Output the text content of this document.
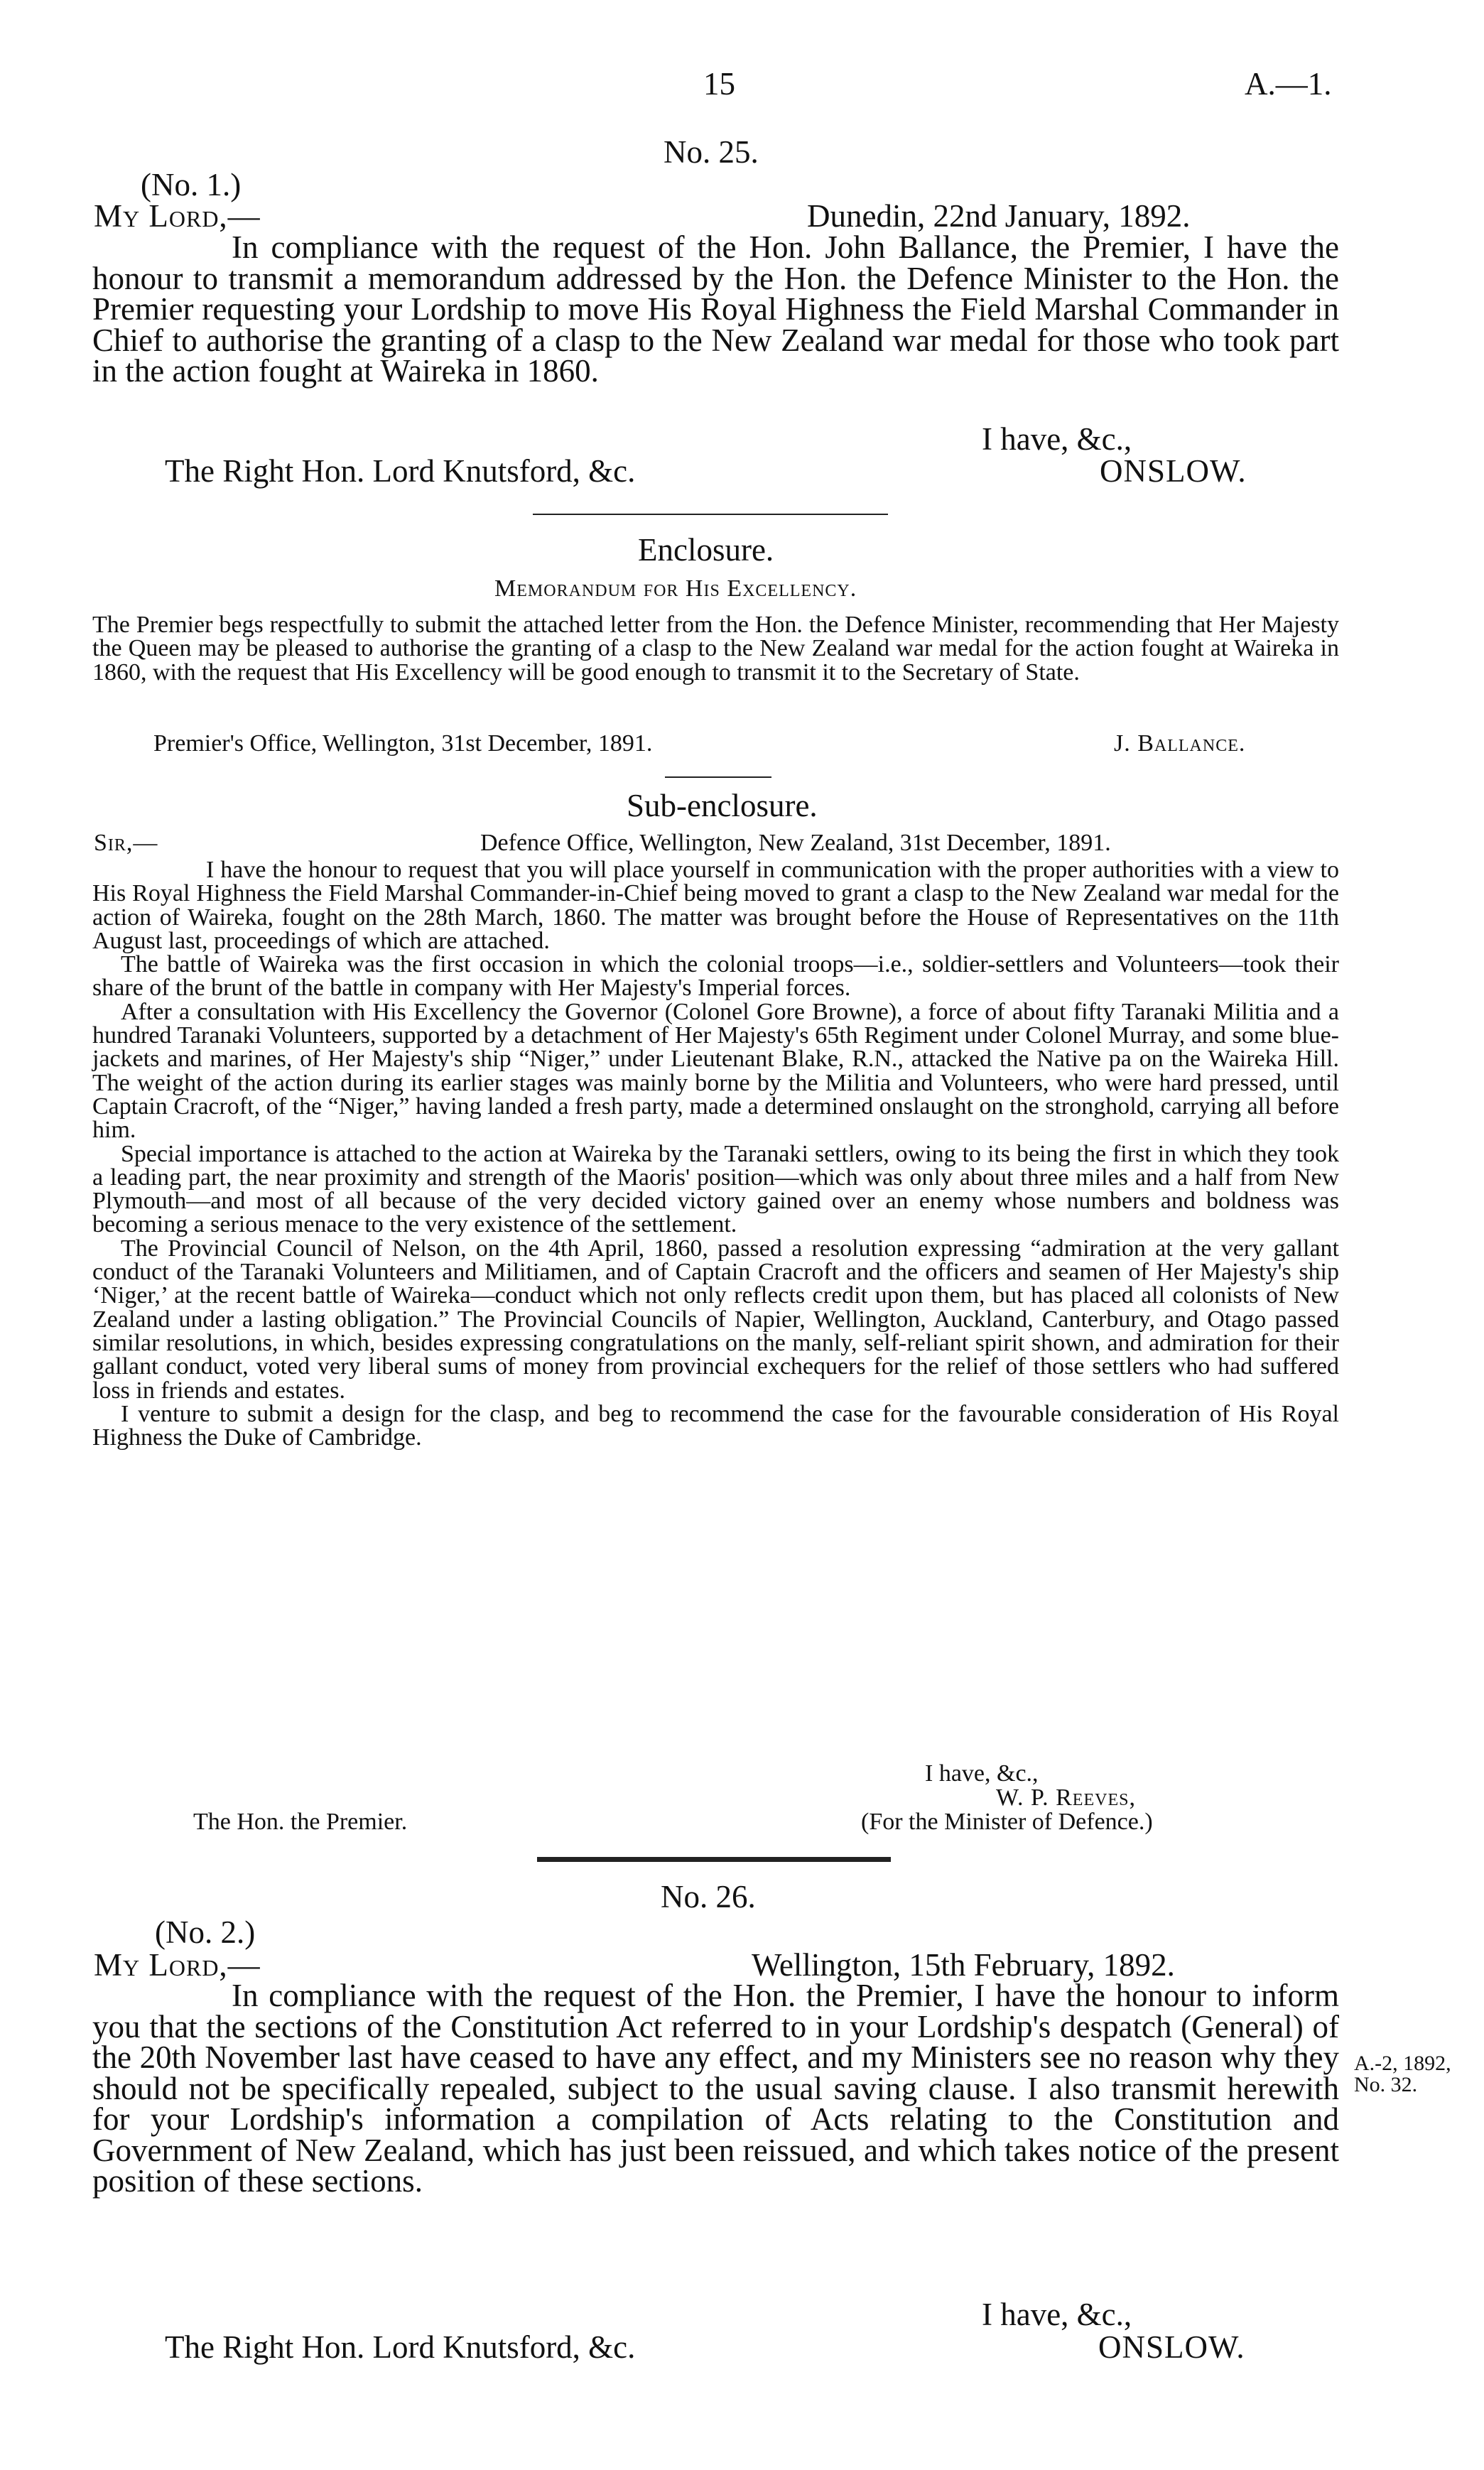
15	A.—1.
No. 25.
(No. 1.)
My Lord,—	Dunedin, 22nd January, 1892.

In compliance with the request of the Hon. John Ballance, the Premier, I have the honour to transmit a memorandum addressed by the Hon. the Defence Minister to the Hon. the Premier requesting your Lordship to move His Royal Highness the Field Marshal Commander in Chief to authorise the granting of a clasp to the New Zealand war medal for those who took part in the action fought at Waireka in 1860.

I have, &c.,
The Right Hon. Lord Knutsford, &c.	ONSLOW.
Enclosure.
Memorandum for His Excellency.

The Premier begs respectfully to submit the attached letter from the Hon. the Defence Minister, recommending that Her Majesty the Queen may be pleased to authorise the granting of a clasp to the New Zealand war medal for the action fought at Waireka in 1860, with the request that His Excellency will be good enough to transmit it to the Secretary of State.

Premier's Office, Wellington, 31st December, 1891.	J. Ballance.
Sub-enclosure.
Sir,—	Defence Office, Wellington, New Zealand, 31st December, 1891.

I have the honour to request that you will place yourself in communication with the proper authorities with a view to His Royal Highness the Field Marshal Commander-in-Chief being moved to grant a clasp to the New Zealand war medal for the action of Waireka, fought on the 28th March, 1860. The matter was brought before the House of Representatives on the 11th August last, proceedings of which are attached.

The battle of Waireka was the first occasion in which the colonial troops—i.e., soldier-settlers and Volunteers—took their share of the brunt of the battle in company with Her Majesty's Imperial forces.

After a consultation with His Excellency the Governor (Colonel Gore Browne), a force of about fifty Taranaki Militia and a hundred Taranaki Volunteers, supported by a detachment of Her Majesty's 65th Regiment under Colonel Murray, and some blue-jackets and marines, of Her Majesty's ship “Niger,” under Lieutenant Blake, R.N., attacked the Native pa on the Waireka Hill. The weight of the action during its earlier stages was mainly borne by the Militia and Volunteers, who were hard pressed, until Captain Cracroft, of the “Niger,” having landed a fresh party, made a determined onslaught on the stronghold, carrying all before him.

Special importance is attached to the action at Waireka by the Taranaki settlers, owing to its being the first in which they took a leading part, the near proximity and strength of the Maoris' position—which was only about three miles and a half from New Plymouth—and most of all because of the very decided victory gained over an enemy whose numbers and boldness was becoming a serious menace to the very existence of the settlement.

The Provincial Council of Nelson, on the 4th April, 1860, passed a resolution expressing “admiration at the very gallant conduct of the Taranaki Volunteers and Militiamen, and of Captain Cracroft and the officers and seamen of Her Majesty's ship ‘Niger,’ at the recent battle of Waireka—conduct which not only reflects credit upon them, but has placed all colonists of New Zealand under a lasting obligation.” The Provincial Councils of Napier, Wellington, Auckland, Canterbury, and Otago passed similar resolutions, in which, besides expressing congratulations on the manly, self-reliant spirit shown, and admiration for their gallant conduct, voted very liberal sums of money from provincial exchequers for the relief of those settlers who had suffered loss in friends and estates.

I venture to submit a design for the clasp, and beg to recommend the case for the favourable consideration of His Royal Highness the Duke of Cambridge.

I have, &c.,
W. P. Reeves,
The Hon. the Premier.	(For the Minister of Defence.)
No. 26.
(No. 2.)
My Lord,—	Wellington, 15th February, 1892.

In compliance with the request of the Hon. the Premier, I have the honour to inform you that the sections of the Constitution Act referred to in your Lordship's despatch (General) of the 20th November last have ceased to have any effect, and my Ministers see no reason why they should not be specifically repealed, subject to the usual saving clause. I also transmit herewith for your Lordship's information a compilation of Acts relating to the Constitution and Government of New Zealand, which has just been reissued, and which takes notice of the present position of these sections.

A.-2, 1892,
No. 32.
I have, &c.,
The Right Hon. Lord Knutsford, &c.	ONSLOW.
